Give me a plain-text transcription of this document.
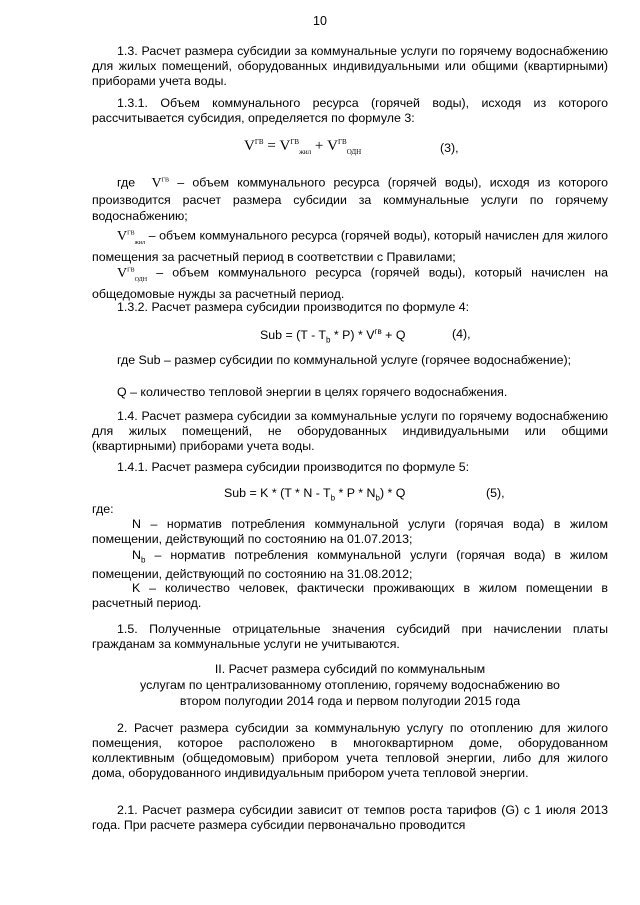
10
1.3. Расчет размера субсидии за коммунальные услуги по горячему водоснабжению для жилых помещений, оборудованных индивидуальными или общими (квартирными) приборами учета воды.
1.3.1. Объем коммунального ресурса (горячей воды), исходя из которого рассчитывается субсидия, определяется по формуле 3:
$V^{ГВ} = V^{ГВ}_{жил} + V^{ГВ}_{ОДН}$	(3),
где $V^{ГВ}$ – объем коммунального ресурса (горячей воды), исходя из которого производится расчет размера субсидии за коммунальные услуги по горячему водоснабжению;
$V^{ГВ}_{жил}$ – объем коммунального ресурса (горячей воды), который начислен для жилого помещения за расчетный период в соответствии с Правилами;
$V^{ГВ}_{ОДН}$ – объем коммунального ресурса (горячей воды), который начислен на общедомовые нужды за расчетный период.
1.3.2. Расчет размера субсидии производится по формуле 4:
Sub = $(T - T_b * P) * V^{гв} + Q$	(4),
где Sub – размер субсидии по коммунальной услуге (горячее водоснабжение);
Q – количество тепловой энергии в целях горячего водоснабжения.
1.4. Расчет размера субсидии за коммунальные услуги по горячему водоснабжению для жилых помещений, не оборудованных индивидуальными или общими (квартирными) приборами учета воды.
1.4.1. Расчет размера субсидии производится по формуле 5:
Sub = K * (T * N - $T_b$ * P * $N_b$) * Q	(5),
где:
N – норматив потребления коммунальной услуги (горячая вода) в жилом помещении, действующий по состоянию на 01.07.2013;
$N_b$ – норматив потребления коммунальной услуги (горячая вода) в жилом помещении, действующий по состоянию на 31.08.2012;
K – количество человек, фактически проживающих в жилом помещении в расчетный период.
1.5. Полученные отрицательные значения субсидий при начислении платы гражданам за коммунальные услуги не учитываются.
II. Расчет размера субсидий по коммунальным
услугам по централизованному отоплению, горячему водоснабжению во
втором полугодии 2014 года и первом полугодии 2015 года
2. Расчет размера субсидии за коммунальную услугу по отоплению для жилого помещения, которое расположено в многоквартирном доме, оборудованном коллективным (общедомовым) прибором учета тепловой энергии, либо для жилого дома, оборудованного индивидуальным прибором учета тепловой энергии.
2.1. Расчет размера субсидии зависит от темпов роста тарифов (G) с 1 июля 2013 года. При расчете размера субсидии первоначально проводится
